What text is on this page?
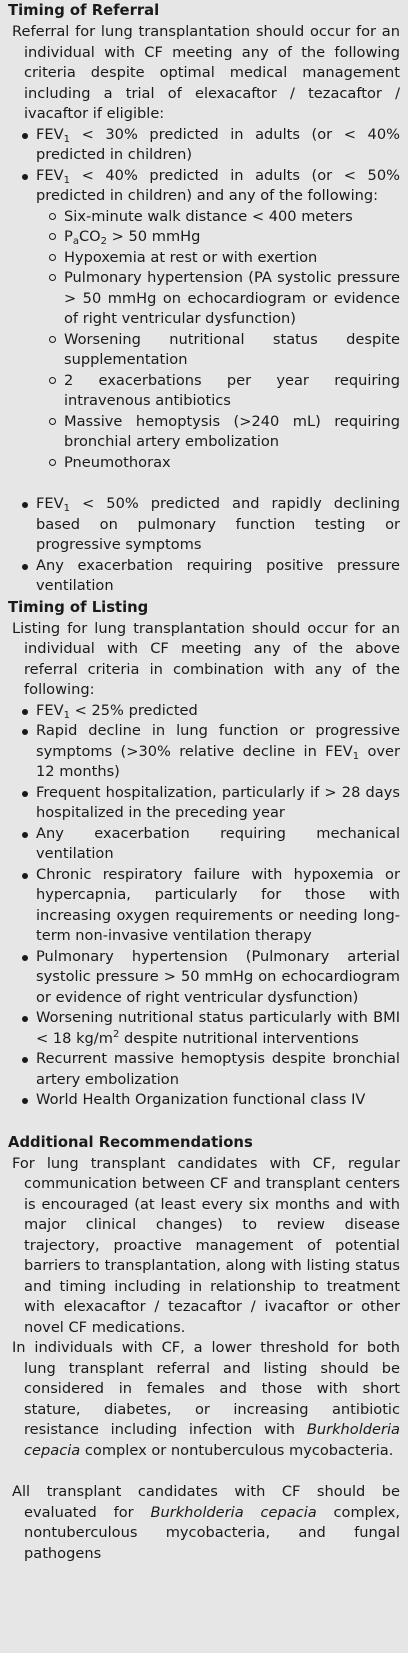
Timing of Referral

Referral for lung transplantation should occur for an individual with CF meeting any of the following criteria despite optimal medical management including a trial of elexacaftor / tezacaftor / ivacaftor if eligible:

$FEV_1 < 30\%$ predicted in adults (or < 40% predicted in children)
$FEV_1 < 40\%$ predicted in adults (or < 50% predicted in children) and any of the following:
Six-minute walk distance < 400 meters
$P_aCO_2 > 50$ mmHg
Hypoxemia at rest or with exertion
Pulmonary hypertension (PA systolic pressure > 50 mmHg on echocardiogram or evidence of right ventricular dysfunction)
Worsening nutritional status despite supplementation
2 exacerbations per year requiring intravenous antibiotics
Massive hemoptysis (>240 mL) requiring bronchial artery embolization
Pneumothorax
$FEV_1 < 50\%$ predicted and rapidly declining based on pulmonary function testing or progressive symptoms
Any exacerbation requiring positive pressure ventilation
Timing of Listing

Listing for lung transplantation should occur for an individual with CF meeting any of the above referral criteria in combination with any of the following:

$FEV_1 < 25\%$ predicted
Rapid decline in lung function or progressive symptoms (>30% relative decline in $FEV_1$ over 12 months)
Frequent hospitalization, particularly if > 28 days hospitalized in the preceding year
Any exacerbation requiring mechanical ventilation
Chronic respiratory failure with hypoxemia or hypercapnia, particularly for those with increasing oxygen requirements or needing long-term non-invasive ventilation therapy
Pulmonary hypertension (Pulmonary arterial systolic pressure > 50 mmHg on echocardiogram or evidence of right ventricular dysfunction)
Worsening nutritional status particularly with BMI < 18 $kg/m^2$ despite nutritional interventions
Recurrent massive hemoptysis despite bronchial artery embolization
World Health Organization functional class IV
Additional Recommendations

For lung transplant candidates with CF, regular communication between CF and transplant centers is encouraged (at least every six months and with major clinical changes) to review disease trajectory, proactive management of potential barriers to transplantation, along with listing status and timing including in relationship to treatment with elexacaftor / tezacaftor / ivacaftor or other novel CF medications.

In individuals with CF, a lower threshold for both lung transplant referral and listing should be considered in females and those with short stature, diabetes, or increasing antibiotic resistance including infection with Burkholderia cepacia complex or nontuberculous mycobacteria.

All transplant candidates with CF should be evaluated for Burkholderia cepacia complex, nontuberculous mycobacteria, and fungal pathogens
